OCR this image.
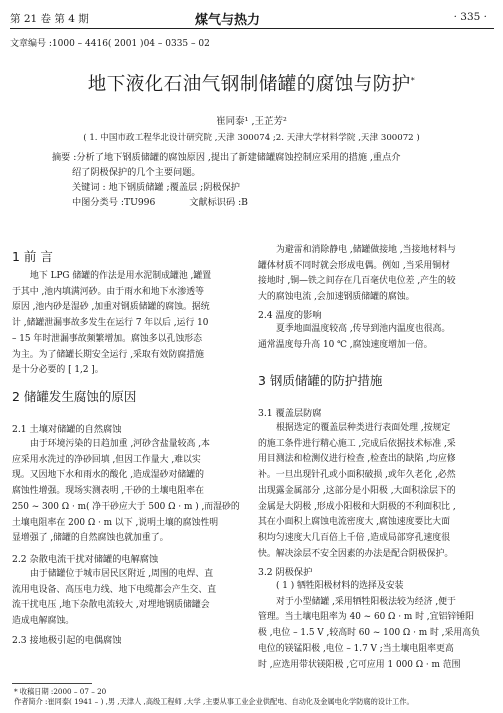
第 21 卷 第 4 期	煤气与热力	· 335 ·
文章编号 :1000 – 4416( 2001 )04 – 0335 – 02
地下液化石油气钢制储罐的腐蚀与防护*
崔同泰¹ ,王芷芳²
( 1. 中国市政工程华北设计研究院 ,天津 300074 ;2. 天津大学材料学院 ,天津 300072 )
摘要 :分析了地下钢质储罐的腐蚀原因 ,提出了新建储罐腐蚀控制应采用的措施 ,重点介
绍了阴极保护的几个主要问题。
关键词 : 地下钢质储罐 ;覆盖层 ;阴极保护
中图分类号 :TU996	文献标识码 :B
1 前 言
地下 LPG 储罐的作法是用水泥制成罐池 ,罐置
于其中 ,池内填满河砂。由于雨水和地下水渗透等
原因 ,池内砂是湿砂 ,加重对钢质储罐的腐蚀。据统
计 ,储罐泄漏事故多发生在运行 7 年以后 ,运行 10
– 15 年时泄漏事故频繁增加。腐蚀多以孔蚀形态
为主。为了储罐长期安全运行 ,采取有效防腐措施
是十分必要的 [ 1,2 ]。
2 储罐发生腐蚀的原因
2.1 土壤对储罐的自然腐蚀
由于环境污染的日趋加重 ,河砂含盐量较高 ,本
应采用水洗过的净砂回填 ,但因工作量大 ,难以实
现。又因地下水和雨水的酸化 ,造成湿砂对储罐的
腐蚀性增强。现场实测表明 ,干砂的土壤电阻率在
250 ~ 300 Ω · m( 净干砂应大于 500 Ω · m ) ,而湿砂的
土壤电阻率在 200 Ω · m 以下 ,说明土壤的腐蚀性明
显增强了 ,储罐的自然腐蚀也就加重了。
2.2 杂散电流干扰对储罐的电解腐蚀
由于储罐位于城市居民区附近 ,周围的电焊、直
流用电设备、高压电力线、地下电缆都会产生交、直
流干扰电压 ,地下杂散电流较大 ,对埋地钢质储罐会
造成电解腐蚀。
2.3 接地极引起的电偶腐蚀
为避雷和消除静电 ,储罐做接地 ,当接地材料与
罐体材质不同时就会形成电偶。例如 ,当采用铜材
接地时 ,铜—铁之间存在几百毫伏电位差 ,产生的较
大的腐蚀电流 ,会加速钢质储罐的腐蚀。
2.4 温度的影响
夏季地面温度较高 ,传导到池内温度也很高。
通常温度每升高 10 ℃ ,腐蚀速度增加一倍。
3 钢质储罐的防护措施
3.1 覆盖层防腐
根据选定的覆盖层种类进行表面处理 ,按规定
的施工条件进行精心施工 ,完成后依据技术标准 ,采
用目测法和检测仪进行检查 ,检查出的缺陷 ,均应修
补。一旦出现针孔或小面积破损 ,或年久老化 ,必然
出现露金属部分 ,这部分是小阳极 ,大面积涂层下的
金属是大阴极 ,形成小阳极和大阴极的不利面积比 ,
其在小面积上腐蚀电流密度大 ,腐蚀速度要比大面
积均匀速度大几百倍上千倍 ,造成局部穿孔速度很
快。解决涂层不安全因素的办法是配合阴极保护。
3.2 阴极保护
( 1 ) 牺牲阳极材料的选择及安装
对于小型储罐 ,采用牺牲阳极法较为经济 ,便于
管理。当土壤电阻率为 40 ~ 60 Ω · m 时 ,宜铝锌锤阳
极 ,电位 – 1.5 V ,较高时 60 ~ 100 Ω · m 时 ,采用高负
电位的镁锰阳极 ,电位 – 1.7 V ;当土壤电阻率更高
时 ,应选用带状镁阳极 ,它可应用 1 000 Ω · m 范围
* 收稿日期 :2000 – 07 – 20
作者简介 :崔同泰( 1941 – ) ,男 ,天津人 ,高级工程师 ,大学 ,主要从事工业企业供配电、自动化及金属电化学防腐的设计工作。
